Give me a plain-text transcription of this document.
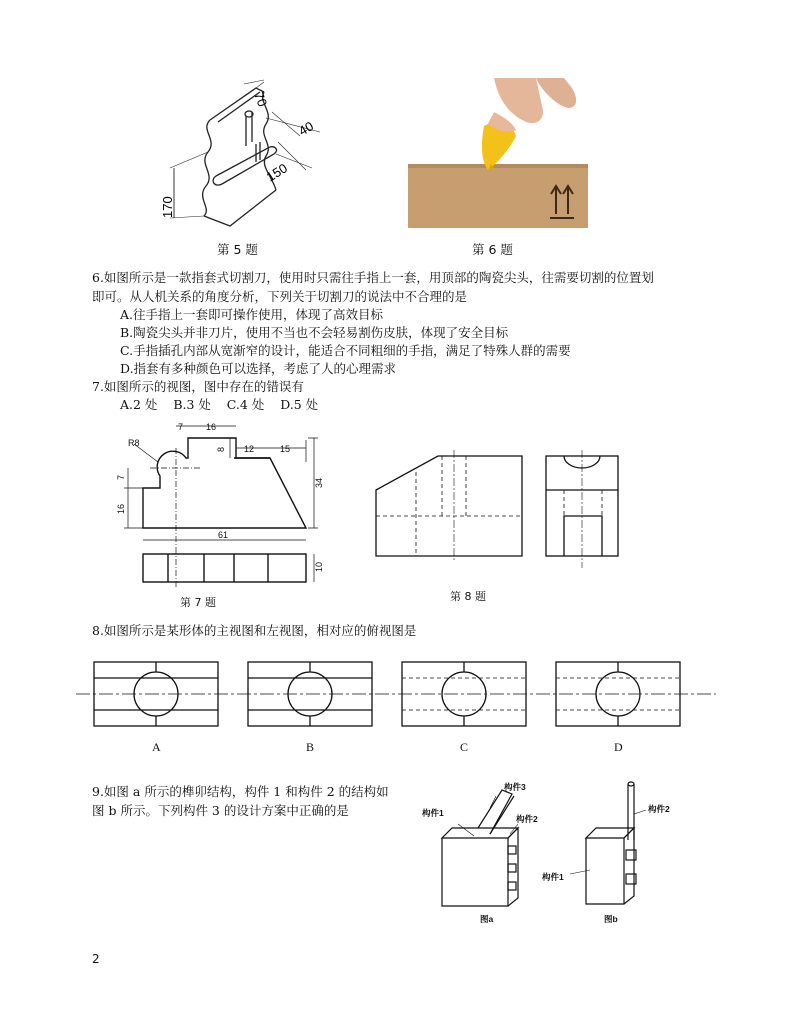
70
40
150
170
第 5 题	第 6 题
6.如图所示是一款指套式切割刀，使用时只需往手指上一套，用顶部的陶瓷尖头，往需要切割的位置划
即可。从人机关系的角度分析，下列关于切割刀的说法中不合理的是
A.往手指上一套即可操作使用，体现了高效目标
B.陶瓷尖头并非刀片，使用不当也不会轻易割伤皮肤，体现了安全目标
C.手指插孔内部从宽渐窄的设计，能适合不同粗细的手指，满足了特殊人群的需要
D.指套有多种颜色可以选择，考虑了人的心理需求
7.如图所示的视图，图中存在的错误有
A.2 处    B.3 处    C.4 处    D.5 处
R8
7	16
8 12	15
7
16
34
61
10
第 7 题	第 8 题
8.如图所示是某形体的主视图和左视图，相对应的俯视图是
A	B	C	D
9.如图 a 所示的榫卯结构，构件 1 和构件 2 的结构如
图 b 所示。下列构件 3 的设计方案中正确的是
构件3
构件1
构件2
图a
构件2
构件1
图b
2
